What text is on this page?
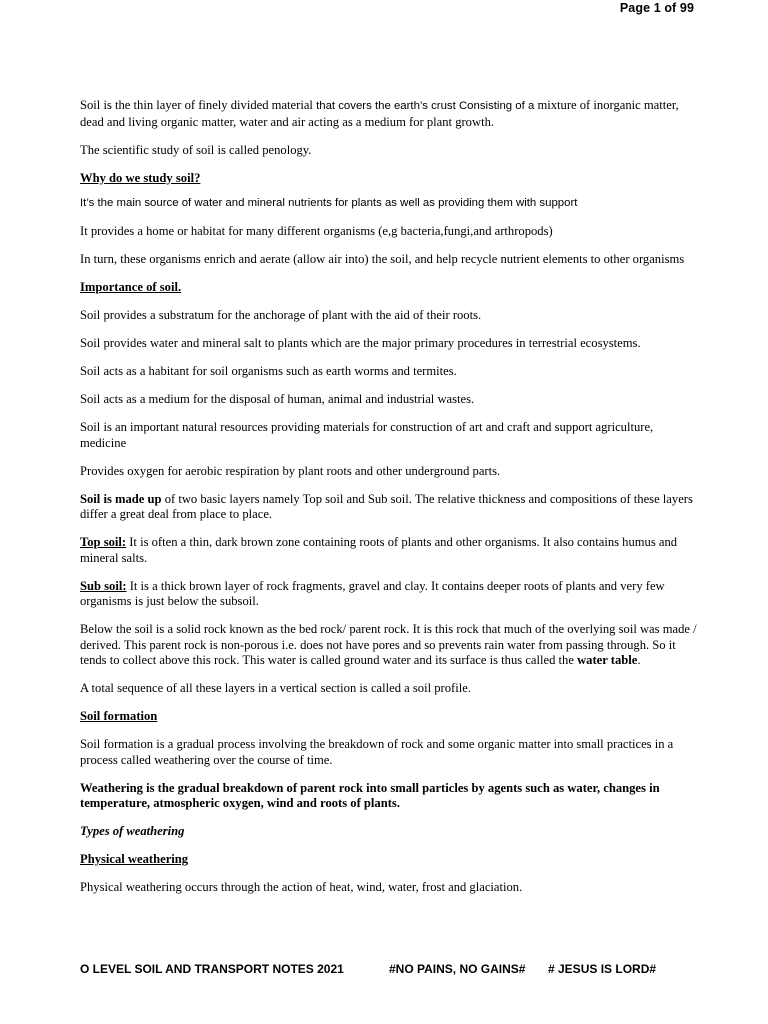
Page 1 of 99

Soil is the thin layer of finely divided material that covers the earth’s crust Consisting of a mixture of inorganic matter, dead and living organic matter, water and air acting as a medium for plant growth.

The scientific study of soil is called penology.

Why do we study soil?

It’s the main source of water and mineral nutrients for plants as well as providing them with support

It provides a home or habitat for many different organisms (e,g bacteria,fungi,and arthropods)

In turn, these organisms enrich and aerate (allow air into) the soil, and help recycle nutrient elements to other organisms

Importance of soil.

Soil provides a substratum for the anchorage of plant with the aid of their roots.

Soil provides water and mineral salt to plants which are the major primary procedures in terrestrial ecosystems.

Soil acts as a habitant for soil organisms such as earth worms and termites.

Soil acts as a medium for the disposal of human, animal and industrial wastes.

Soil is an important natural resources providing materials for construction of art and craft and support agriculture, medicine

Provides oxygen for aerobic respiration by plant roots and other underground parts.

Soil is made up of two basic layers namely Top soil and Sub soil. The relative thickness and compositions of these layers differ a great deal from place to place.

Top soil: It is often a thin, dark brown zone containing roots of plants and other organisms. It also contains humus and mineral salts.

Sub soil: It is a thick brown layer of rock fragments, gravel and clay. It contains deeper roots of plants and very few organisms is just below the subsoil.

Below the soil is a solid rock known as the bed rock/ parent rock. It is this rock that much of the overlying soil was made / derived. This parent rock is non-porous i.e. does not have pores and so prevents rain water from passing through. So it tends to collect above this rock. This water is called ground water and its surface is thus called the water table.

A total sequence of all these layers in a vertical section is called a soil profile.

Soil formation

Soil formation is a gradual process involving the breakdown of rock and some organic matter into small practices in a process called weathering over the course of time.

Weathering is the gradual breakdown of parent rock into small particles by agents such as water, changes in temperature, atmospheric oxygen, wind and roots of plants.

Types of weathering

Physical weathering

Physical weathering occurs through the action of heat, wind, water, frost and glaciation.

O LEVEL SOIL AND TRANSPORT NOTES 2021	#NO PAINS, NO GAINS# # JESUS IS LORD#
